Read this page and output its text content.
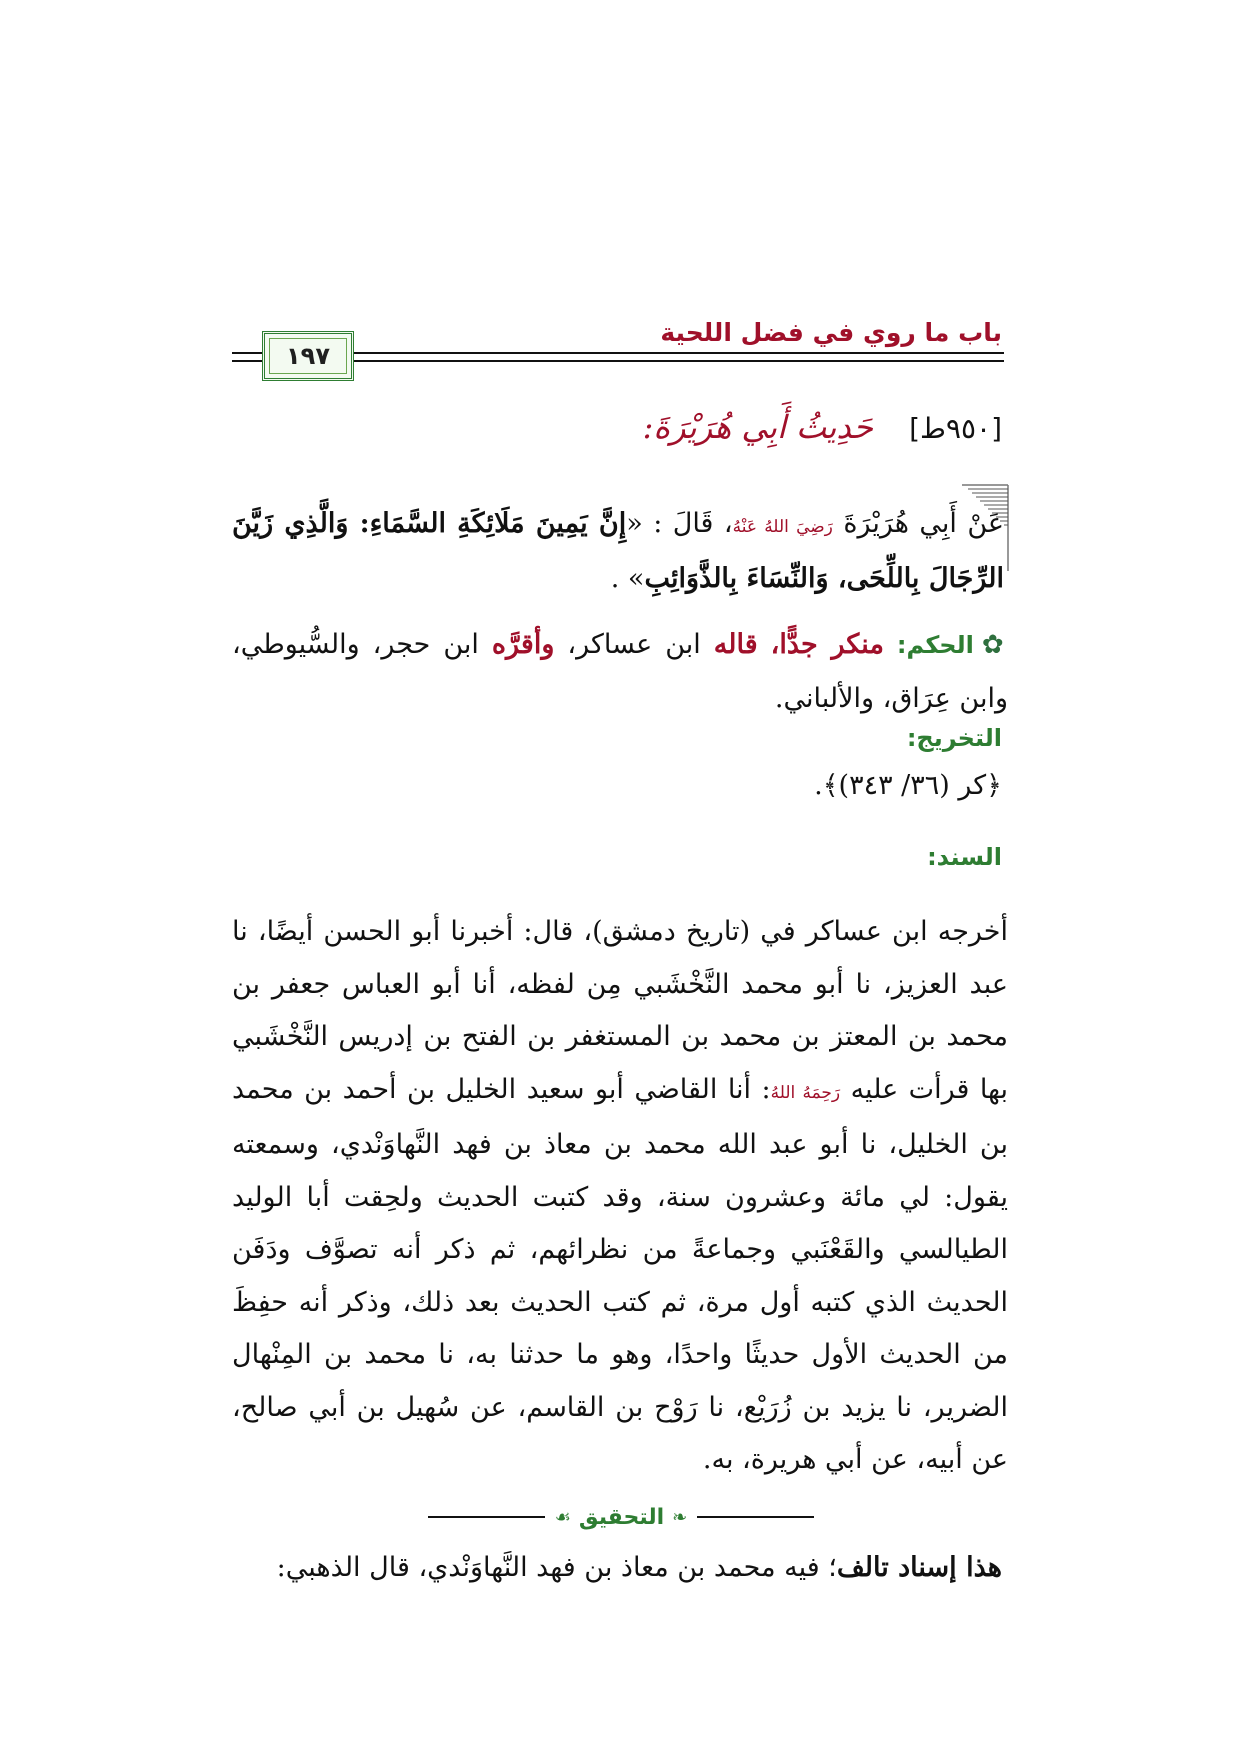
باب ما روي في فضل اللحية
١٩٧
[٩٥٠ط] حَدِيثُ أَبِي هُرَيْرَةَ:
عَنْ أَبِي هُرَيْرَةَ رَضِيَ اللهُ عَنْهُ، قَالَ : «إِنَّ يَمِينَ مَلَائِكَةِ السَّمَاءِ: وَالَّذِي زَيَّنَ الرِّجَالَ بِاللِّحَى، وَالنِّسَاءَ بِالذَّوَائِبِ» .
✿الحكم: منكر جدًّا، قاله ابن عساكر، وأقرَّه ابن حجر، والسُّيوطي، وابن عِرَاق، والألباني.
التخريج:
﴿كر (٣٦/ ٣٤٣)﴾.
السند:
أخرجه ابن عساكر في (تاريخ دمشق)، قال: أخبرنا أبو الحسن أيضًا، نا عبد العزيز، نا أبو محمد النَّخْشَبي مِن لفظه، أنا أبو العباس جعفر بن محمد بن المعتز بن محمد بن المستغفر بن الفتح بن إدريس النَّخْشَبي بها قرأت عليه رَحِمَهُ اللهُ: أنا القاضي أبو سعيد الخليل بن أحمد بن محمد بن الخليل، نا أبو عبد الله محمد بن معاذ بن فهد النَّهاوَنْدي، وسمعته يقول: لي مائة وعشرون سنة، وقد كتبت الحديث ولحِقت أبا الوليد الطيالسي والقَعْنَبي وجماعةً من نظرائهم، ثم ذكر أنه تصوَّف ودَفَن الحديث الذي كتبه أول مرة، ثم كتب الحديث بعد ذلك، وذكر أنه حفِظَ من الحديث الأول حديثًا واحدًا، وهو ما حدثنا به، نا محمد بن المِنْهال الضرير، نا يزيد بن زُرَيْع، نا رَوْح بن القاسم، عن سُهيل بن أبي صالح، عن أبيه، عن أبي هريرة، به.
❧
التحقيق
☙
هذا إسناد تالف؛ فيه محمد بن معاذ بن فهد النَّهاوَنْدي، قال الذهبي:
